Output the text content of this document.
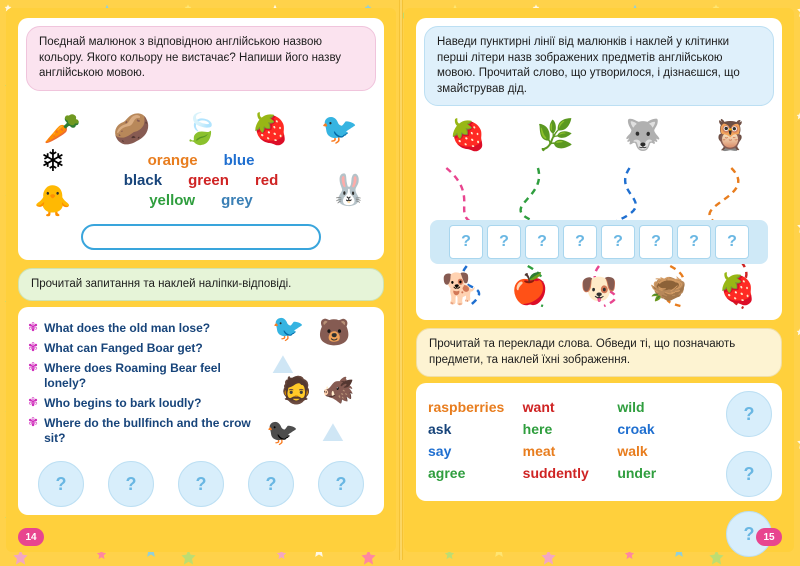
Поєднай малюнок з відповідною англійською назвою кольору. Якого кольору не вистачає? Напиши його назву англійською мовою.
🥕 🥔 🍃 🍓 🐦
❄
🐥
orange blue
black green red
yellow grey	🐰
Прочитай запитання та наклей наліпки-відповіді.
✾ What does the old man lose?
✾ What can Fanged Boar get?
✾ Where does Roaming Bear feel lonely?
✾ Who begins to bark loudly?
✾ Where do the bullfinch and the crow sit?
🐦 🐻
⛰
🧔 🐗
🐦‍⬛ ⛰
?	?	?	?	?
14
Наведи пунктирні лінії від малюнків і наклей у клітинки перші літери назв зображених предметів англійською мовою. Прочитай слово, що утворилося, і дізнаєшся, що змайстрував дід.
🍓 🌿 🐺 🦉
?	?	?	?	?	?	?	?
🐕 🍎 🐶 🪹 🍓
Прочитай та переклади слова. Обведи ті, що позначають предмети, та наклей їхні зображення.
raspberries	want	wild
ask	here	croak
say	meat	walk
agree	suddently	under
?
?
? 15
